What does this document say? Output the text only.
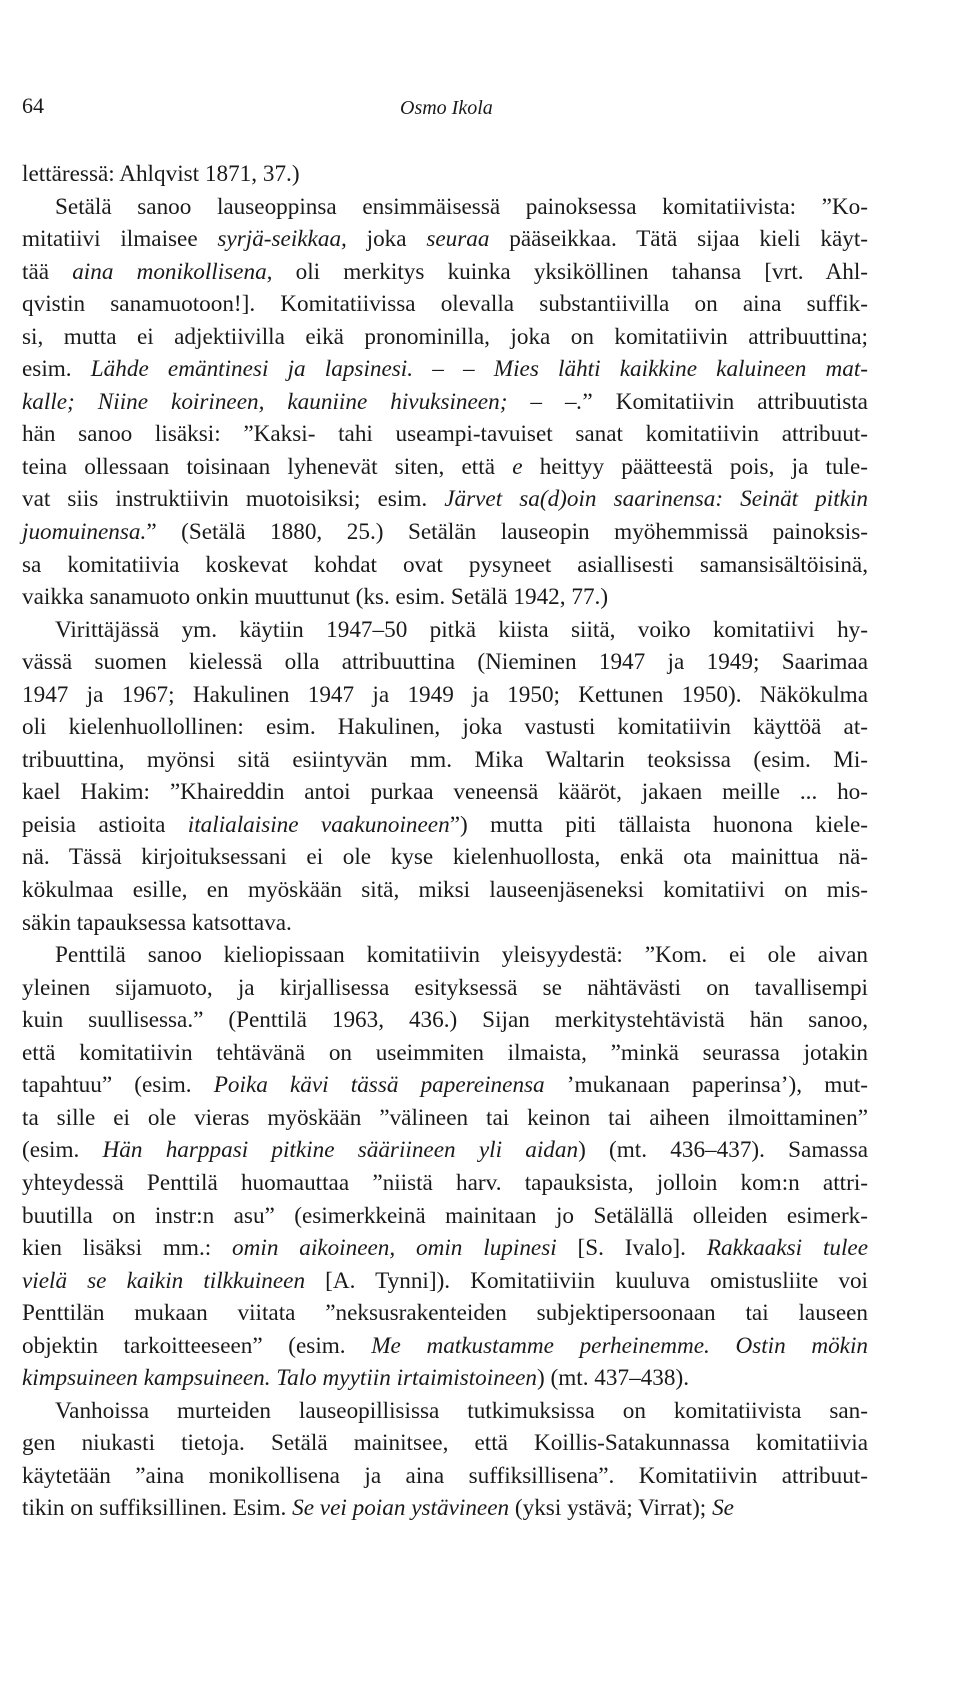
64	Osmo Ikola
lettäressä: Ahlqvist 1871, 37.)
Setälä sanoo lauseoppinsa ensimmäisessä painoksessa komitatiivista: ”Ko-
mitatiivi ilmaisee syrjä-seikkaa, joka seuraa pääseikkaa. Tätä sijaa kieli käyt-
tää aina monikollisena, oli merkitys kuinka yksiköllinen tahansa [vrt. Ahl-
qvistin sanamuotoon!]. Komitatiivissa olevalla substantiivilla on aina suffik-
si, mutta ei adjektiivilla eikä pronominilla, joka on komitatiivin attribuuttina;
esim. Lähde emäntinesi ja lapsinesi. – – Mies lähti kaikkine kaluineen mat-
kalle; Niine koirineen, kauniine hivuksineen; – –.” Komitatiivin attribuutista
hän sanoo lisäksi: ”Kaksi- tahi useampi-tavuiset sanat komitatiivin attribuut-
teina ollessaan toisinaan lyhenevät siten, että e heittyy päätteestä pois, ja tule-
vat siis instruktiivin muotoisiksi; esim. Järvet sa(d)oin saarinensa: Seinät pitkin
juomuinensa.” (Setälä 1880, 25.) Setälän lauseopin myöhemmissä painoksis-
sa komitatiivia koskevat kohdat ovat pysyneet asiallisesti samansisältöisinä,
vaikka sanamuoto onkin muuttunut (ks. esim. Setälä 1942, 77.)
Virittäjässä ym. käytiin 1947–50 pitkä kiista siitä, voiko komitatiivi hy-
vässä suomen kielessä olla attribuuttina (Nieminen 1947 ja 1949; Saarimaa
1947 ja 1967; Hakulinen 1947 ja 1949 ja 1950; Kettunen 1950). Näkökulma
oli kielenhuollollinen: esim. Hakulinen, joka vastusti komitatiivin käyttöä at-
tribuuttina, myönsi sitä esiintyvän mm. Mika Waltarin teoksissa (esim. Mi-
kael Hakim: ”Khaireddin antoi purkaa veneensä kääröt, jakaen meille ... ho-
peisia astioita italialaisine vaakunoineen”) mutta piti tällaista huonona kiele-
nä. Tässä kirjoituksessani ei ole kyse kielenhuollosta, enkä ota mainittua nä-
kökulmaa esille, en myöskään sitä, miksi lauseenjäseneksi komitatiivi on mis-
säkin tapauksessa katsottava.
Penttilä sanoo kieliopissaan komitatiivin yleisyydestä: ”Kom. ei ole aivan
yleinen sijamuoto, ja kirjallisessa esityksessä se nähtävästi on tavallisempi
kuin suullisessa.” (Penttilä 1963, 436.) Sijan merkitystehtävistä hän sanoo,
että komitatiivin tehtävänä on useimmiten ilmaista, ”minkä seurassa jotakin
tapahtuu” (esim. Poika kävi tässä papereinensa ’mukanaan paperinsa’), mut-
ta sille ei ole vieras myöskään ”välineen tai keinon tai aiheen ilmoittaminen”
(esim. Hän harppasi pitkine sääriineen yli aidan) (mt. 436–437). Samassa
yhteydessä Penttilä huomauttaa ”niistä harv. tapauksista, jolloin kom:n attri-
buutilla on instr:n asu” (esimerkkeinä mainitaan jo Setälällä olleiden esimerk-
kien lisäksi mm.: omin aikoineen, omin lupinesi [S. Ivalo]. Rakkaaksi tulee
vielä se kaikin tilkkuineen [A. Tynni]). Komitatiiviin kuuluva omistusliite voi
Penttilän mukaan viitata ”neksusrakenteiden subjektipersoonaan tai lauseen
objektin tarkoitteeseen” (esim. Me matkustamme perheinemme. Ostin mökin
kimpsuineen kampsuineen. Talo myytiin irtaimistoineen) (mt. 437–438).
Vanhoissa murteiden lauseopillisissa tutkimuksissa on komitatiivista san-
gen niukasti tietoja. Setälä mainitsee, että Koillis-Satakunnassa komitatiivia
käytetään ”aina monikollisena ja aina suffiksillisena”. Komitatiivin attribuut-
tikin on suffiksillinen. Esim. Se vei poian ystävineen (yksi ystävä; Virrat); Se
